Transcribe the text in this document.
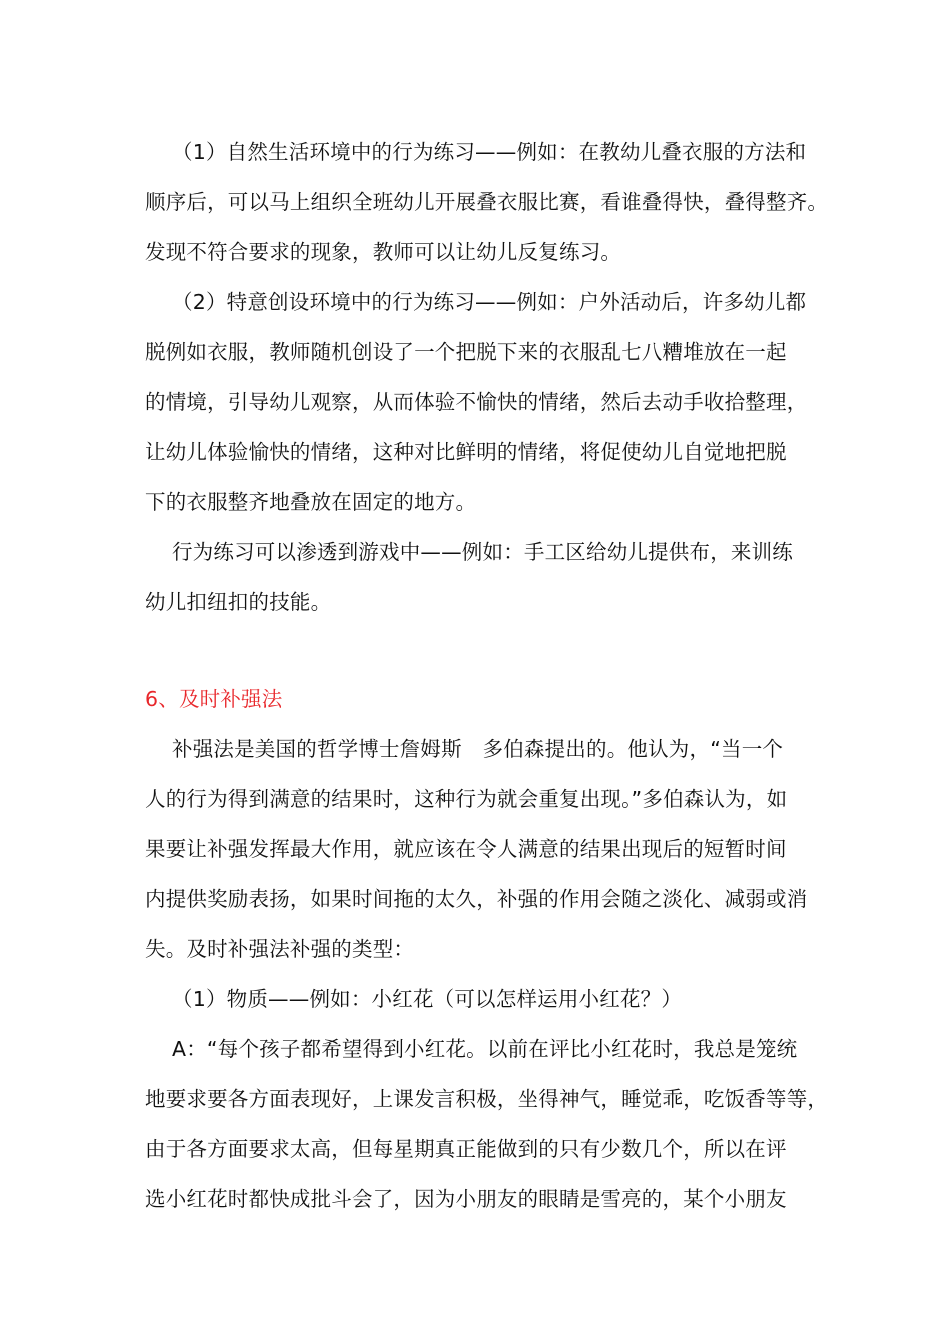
（1）自然生活环境中的行为练习——例如：在教幼儿叠衣服的方法和
顺序后，可以马上组织全班幼儿开展叠衣服比赛，看谁叠得快，叠得整齐。
发现不符合要求的现象，教师可以让幼儿反复练习。
（2）特意创设环境中的行为练习——例如：户外活动后，许多幼儿都
脱例如衣服，教师随机创设了一个把脱下来的衣服乱七八糟堆放在一起
的情境，引导幼儿观察，从而体验不愉快的情绪，然后去动手收拾整理，
让幼儿体验愉快的情绪，这种对比鲜明的情绪，将促使幼儿自觉地把脱
下的衣服整齐地叠放在固定的地方。
行为练习可以渗透到游戏中——例如：手工区给幼儿提供布，来训练
幼儿扣纽扣的技能。
6、及时补强法
补强法是美国的哲学博士詹姆斯　多伯森提出的。他认为，“当一个
人的行为得到满意的结果时，这种行为就会重复出现。”多伯森认为，如
果要让补强发挥最大作用，就应该在令人满意的结果出现后的短暂时间
内提供奖励表扬，如果时间拖的太久，补强的作用会随之淡化、减弱或消
失。及时补强法补强的类型：
（1）物质——例如：小红花（可以怎样运用小红花？）
A：“每个孩子都希望得到小红花。以前在评比小红花时，我总是笼统
地要求要各方面表现好，上课发言积极，坐得神气，睡觉乖，吃饭香等等，
由于各方面要求太高，但每星期真正能做到的只有少数几个，所以在评
选小红花时都快成批斗会了，因为小朋友的眼睛是雪亮的，某个小朋友
